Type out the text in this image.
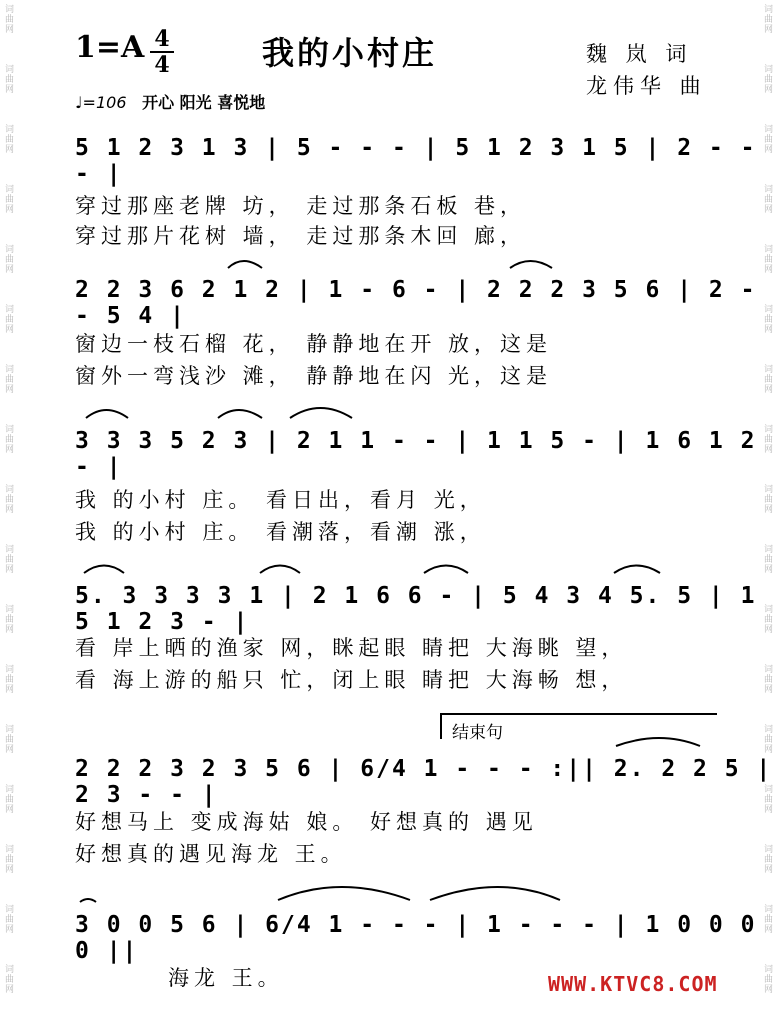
词
曲
网
词
曲
网
词
曲
网
词
曲
网
词
曲
网
词
曲
网
词
曲
网
词
曲
网
词
曲
网
词
曲
网
词
曲
网
词
曲
网
词
曲
网
词
曲
网
词
曲
网
词
曲
网
词
曲
网
词
曲
网
词
曲
网
词
曲
网
词
曲
网
词
曲
网
词
曲
网
词
曲
网
词
曲
网
词
曲
网
词
曲
网
词
曲
网
词
曲
网
词
曲
网
词
曲
网
词
曲
网
词
曲
网
词
曲
网
1=A 4
4	我的小村庄	魏 岚 词
龙伟华 曲
♩=106 开心 阳光 喜悦地
5 1 2 3 1 3 | 5 - - - | 5 1 2 3 1 5 | 2 - - - |
穿过那座老牌 坊， 走过那条石板 巷，
穿过那片花树 墙， 走过那条木回 廊，
2 2 3 6 2 1 2 | 1 - 6 - | 2 2 2 3 5 6 | 2 - - 5 4 |
窗边一枝石榴 花， 静静地在开 放，这是
窗外一弯浅沙 滩， 静静地在闪 光，这是
3 3 3 5 2 3 | 2 1 1 - - | 1 1 5 - | 1 6 1 2 - |
我 的小村 庄。 看日出，看月 光，
我 的小村 庄。 看潮落，看潮 涨，
5. 3 3 3 3 1 | 2 1 6 6 - | 5 4 3 4 5. 5 | 1 5 1 2 3 - |
看 岸上晒的渔家 网，眯起眼 睛把 大海眺 望，
看 海上游的船只 忙，闭上眼 睛把 大海畅 想，
结束句
2 2 2 3 2 3 5 6 | 6/4 1 - - - :|| 2. 2 2 5 | 2 3 - - |
好想马上 变成海姑 娘。 好想真的 遇见
好想真的遇见海龙 王。
3 0 0 5 6 | 6/4 1 - - - | 1 - - - | 1 0 0 0 0 ||
海龙 王。	WWW.KTVC8.COM
